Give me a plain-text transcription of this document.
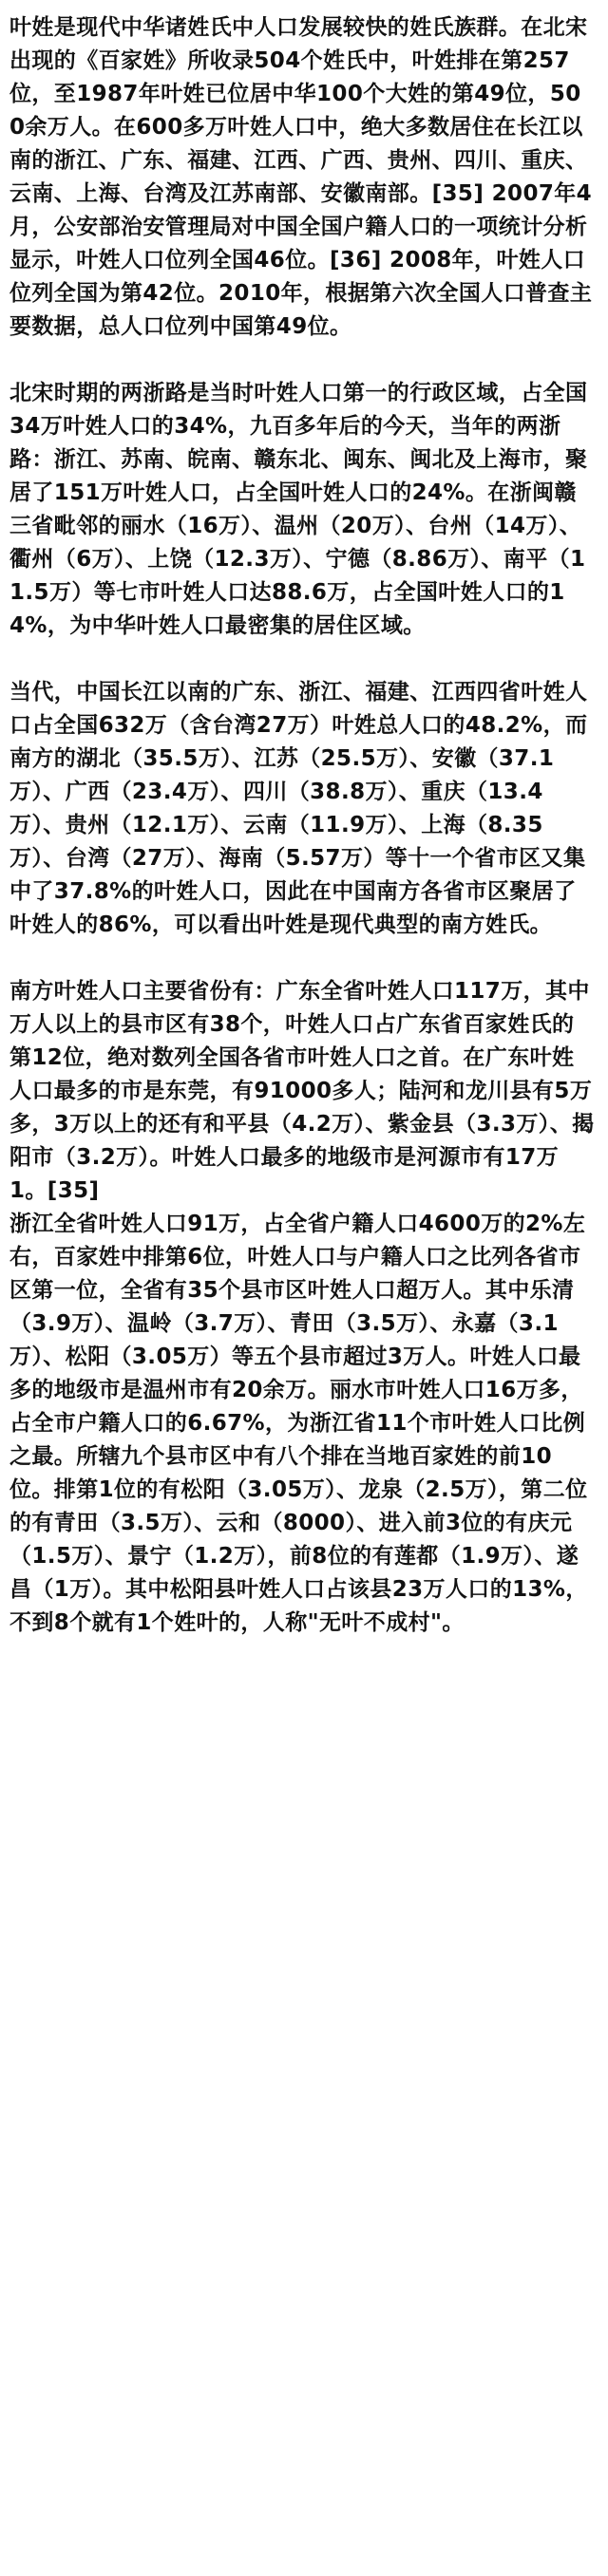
叶姓是现代中华诸姓氏中人口发展较快的姓氏族群。在北宋出现的《百家姓》所收录504个姓氏中，叶姓排在第257位，至1987年叶姓已位居中华100个大姓的第49位，500余万人。在600多万叶姓人口中，绝大多数居住在长江以南的浙江、广东、福建、江西、广西、贵州、四川、重庆、云南、上海、台湾及江苏南部、安徽南部。[35] 2007年4月，公安部治安管理局对中国全国户籍人口的一项统计分析显示，叶姓人口位列全国46位。[36] 2008年，叶姓人口位列全国为第42位。2010年，根据第六次全国人口普查主要数据，总人口位列中国第49位。

北宋时期的两浙路是当时叶姓人口第一的行政区域，占全国34万叶姓人口的34%，九百多年后的今天，当年的两浙路：浙江、苏南、皖南、赣东北、闽东、闽北及上海市，聚居了151万叶姓人口，占全国叶姓人口的24%。在浙闽赣三省毗邻的丽水（16万）、温州（20万）、台州（14万）、衢州（6万）、上饶（12.3万）、宁德（8.86万）、南平（11.5万）等七市叶姓人口达88.6万，占全国叶姓人口的14%，为中华叶姓人口最密集的居住区域。

当代，中国长江以南的广东、浙江、福建、江西四省叶姓人口占全国632万（含台湾27万）叶姓总人口的48.2%，而南方的湖北（35.5万）、江苏（25.5万）、安徽（37.1万）、广西（23.4万）、四川（38.8万）、重庆（13.4万）、贵州（12.1万）、云南（11.9万）、上海（8.35万）、台湾（27万）、海南（5.57万）等十一个省市区又集中了37.8%的叶姓人口，因此在中国南方各省市区聚居了叶姓人的86%，可以看出叶姓是现代典型的南方姓氏。

南方叶姓人口主要省份有：广东全省叶姓人口117万，其中万人以上的县市区有38个，叶姓人口占广东省百家姓氏的第12位，绝对数列全国各省市叶姓人口之首。在广东叶姓人口最多的市是东莞，有91000多人；陆河和龙川县有5万多，3万以上的还有和平县（4.2万）、紫金县（3.3万）、揭阳市（3.2万）。叶姓人口最多的地级市是河源市有17万1。[35]

浙江全省叶姓人口91万，占全省户籍人口4600万的2%左右，百家姓中排第6位，叶姓人口与户籍人口之比列各省市区第一位，全省有35个县市区叶姓人口超万人。其中乐清（3.9万）、温岭（3.7万）、青田（3.5万）、永嘉（3.1万）、松阳（3.05万）等五个县市超过3万人。叶姓人口最多的地级市是温州市有20余万。丽水市叶姓人口16万多，占全市户籍人口的6.67%，为浙江省11个市叶姓人口比例之最。所辖九个县市区中有八个排在当地百家姓的前10位。排第1位的有松阳（3.05万）、龙泉（2.5万），第二位的有青田（3.5万）、云和（8000）、进入前3位的有庆元（1.5万）、景宁（1.2万），前8位的有莲都（1.9万）、遂昌（1万）。其中松阳县叶姓人口占该县23万人口的13%，不到8个就有1个姓叶的，人称"无叶不成村"。
